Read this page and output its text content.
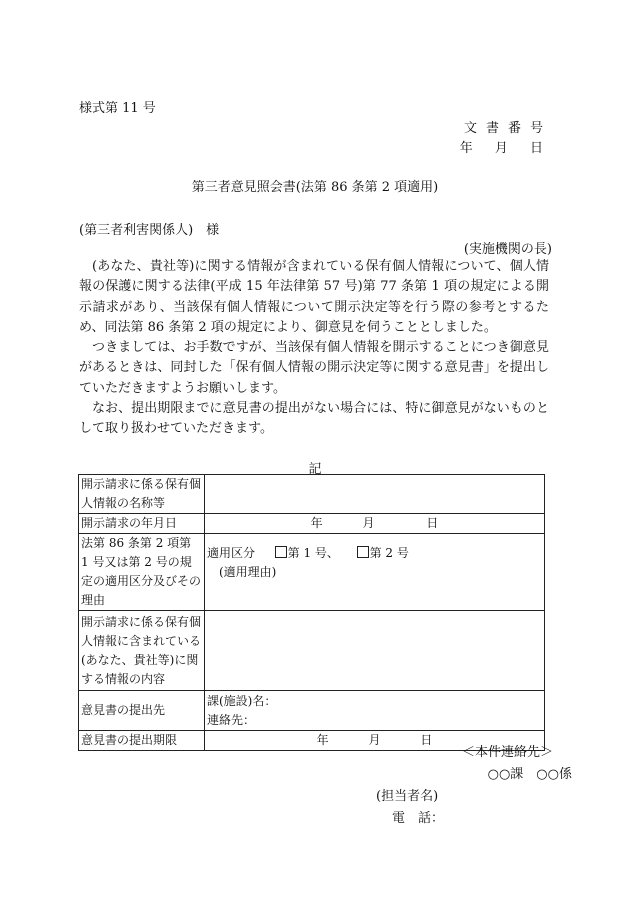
様式第 11 号
文書番号
年 月 日
第三者意見照会書(法第 86 条第 2 項適用)
(第三者利害関係人)　様
(実施機関の長)

(あなた、貴社等)に関する情報が含まれている保有個人情報について、個人情報の保護に関する法律(平成 15 年法律第 57 号)第 77 条第 1 項の規定による開示請求があり、当該保有個人情報について開示決定等を行う際の参考とするため、同法第 86 条第 2 項の規定により、御意見を伺うこととしました。

つきましては、お手数ですが、当該保有個人情報を開示することにつき御意見があるときは、同封した「保有個人情報の開示決定等に関する意見書」を提出していただきますようお願いします。

なお、提出期限までに意見書の提出がない場合には、特に御意見がないものとして取り扱わせていただきます。

記
開示請求に係る保有個人情報の名称等	
開示請求の年月日	年 月 日
法第 86 条第 2 項第 1 号又は第 2 号の規定の適用区分及びその理由	適用区分 第 1 号、 第 2 号
(適用理由)

開示請求に係る保有個人情報に含まれている(あなた、貴社等)に関する情報の内容	
意見書の提出先	課(施設)名：
連絡先：

意見書の提出期限	年 月 日
＜本件連絡先＞
○○課　○○係
(担当者名)
電　話：
